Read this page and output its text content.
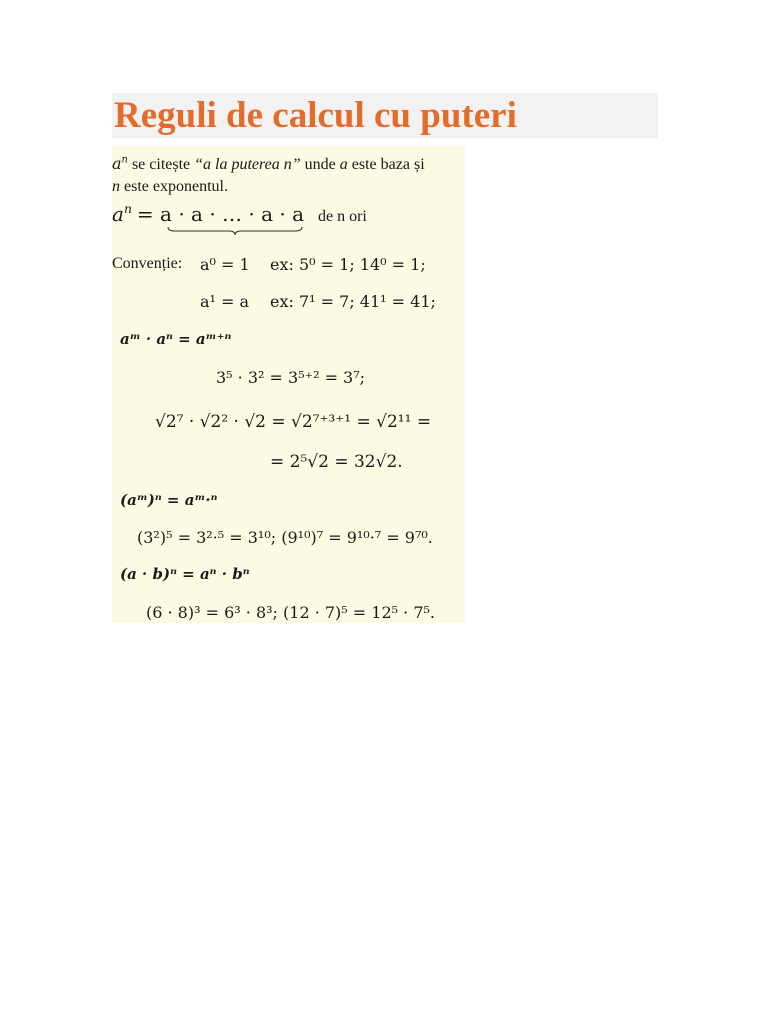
Reguli de calcul cu puteri
$a^n$ se citește “a la puterea n” unde a este baza și
n este exponentul.
$a^n = a \cdot a$ · … · a · a de n ori
Convenție: a⁰ = 1 ex: 5⁰ = 1; 14⁰ = 1;
a¹ = a ex: 7¹ = 7; 41¹ = 41;
aᵐ · aⁿ = aᵐ⁺ⁿ
3⁵ · 3² = 3⁵⁺² = 3⁷;
√2⁷ · √2² · √2 = √2⁷⁺³⁺¹ = √2¹¹ =
= 2⁵√2 = 32√2.
(aᵐ)ⁿ = aᵐ·ⁿ
(3²)⁵ = 3²·⁵ = 3¹⁰; (9¹⁰)⁷ = 9¹⁰·⁷ = 9⁷⁰.
(a · b)ⁿ = aⁿ · bⁿ
(6 · 8)³ = 6³ · 8³; (12 · 7)⁵ = 12⁵ · 7⁵.
